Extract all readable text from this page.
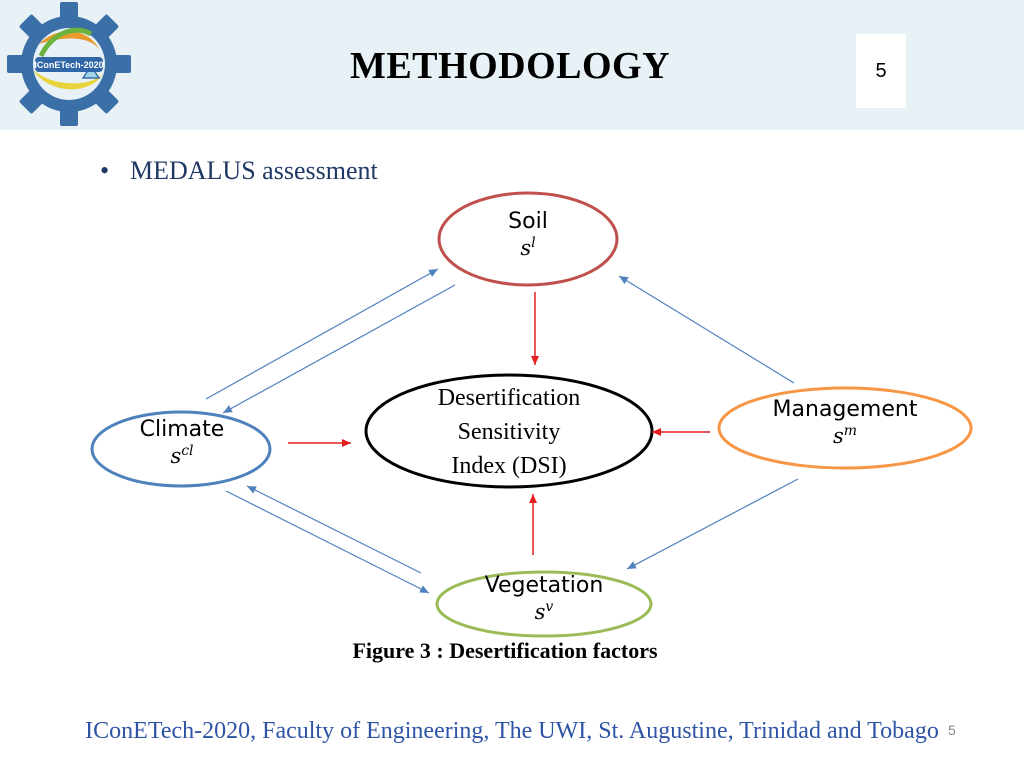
IConETech-2020	METHODOLOGY	5
• MEDALUS assessment
Soil
$s^l$
Climate
$s^{cl}$
Desertification
Sensitivity
Index (DSI)
Management
$s^m$
Vegetation
$s^v$
Figure 3 : Desertification factors
IConETech-2020, Faculty of Engineering, The UWI, St. Augustine, Trinidad and Tobago 5
